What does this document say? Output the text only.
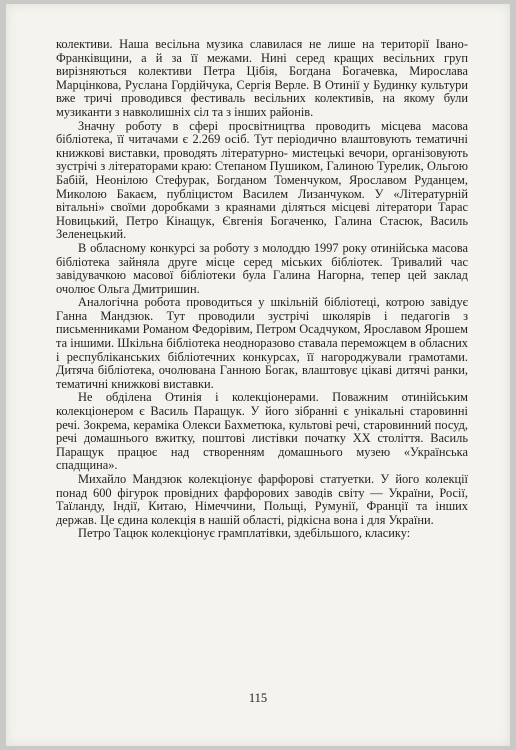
колективи. Наша весільна музика славилася не лише на території Івано- Франківщини, а й за її межами. Нині серед кращих весільних груп вирізняються колективи Петра Цібія, Богдана Богачевка, Мирослава Марцінкова, Руслана Гордійчука, Сергія Верле. В Отинії у Будинку культури вже тричі проводився фестиваль весільних колективів, на якому були музиканти з навколишніх сіл та з інших районів.

Значну роботу в сфері просвітництва проводить місцева масова бібліотека, її читачами є 2.269 осіб. Тут періодично влаштовують тематичні книжкові виставки, проводять літературно- мистецькі вечори, організовують зустрічі з літераторами краю: Степаном Пушиком, Галиною Турелик, Ольгою Бабій, Неонілою Стефурак, Богданом Томенчуком, Ярославом Руданцем, Миколою Бакаєм, публіцистом Василем Лизанчуком. У «Літературній вітальні» своїми доробками з краянами діляться місцеві літератори Тарас Новицький, Петро Кінащук, Євгенія Богаченко, Галина Стасюк, Василь Зеленецький.

В обласному конкурсі за роботу з молоддю 1997 року отинійська масова бібліотека зайняла друге місце серед міських бібліотек. Тривалий час завідувачкою масової бібліотеки була Галина Нагорна, тепер цей заклад очолює Ольга Дмитришин.

Аналогічна робота проводиться у шкільній бібліотеці, котрою завідує Ганна Мандзюк. Тут проводили зустрічі школярів і педагогів з письменниками Романом Федорівим, Петром Осадчуком, Ярославом Ярошем та іншими. Шкільна бібліотека неодноразово ставала переможцем в обласних і республіканських бібліотечних конкурсах, її нагороджували грамотами. Дитяча бібліотека, очолювана Ганною Богак, влаштовує цікаві дитячі ранки, тематичні книжкові виставки.

Не обділена Отинія і колекціонерами. Поважним отинійським колекціонером є Василь Паращук. У його зібранні є унікальні старовинні речі. Зокрема, кераміка Олекси Бахметюка, культові речі, старовинний посуд, речі домашнього вжитку, поштові листівки початку XX століття. Василь Паращук працює над створенням домашнього музею «Українська спадщина».

Михайло Мандзюк колекціонує фарфорові статуетки. У його колекції понад 600 фігурок провідних фарфорових заводів світу — України, Росії, Таїланду, Індії, Китаю, Німеччини, Польщі, Румунії, Франції та інших держав. Це єдина колекція в нашій області, рідкісна вона і для України.

Петро Тацюк колекціонує грамплатівки, здебільшого, класику:

115
